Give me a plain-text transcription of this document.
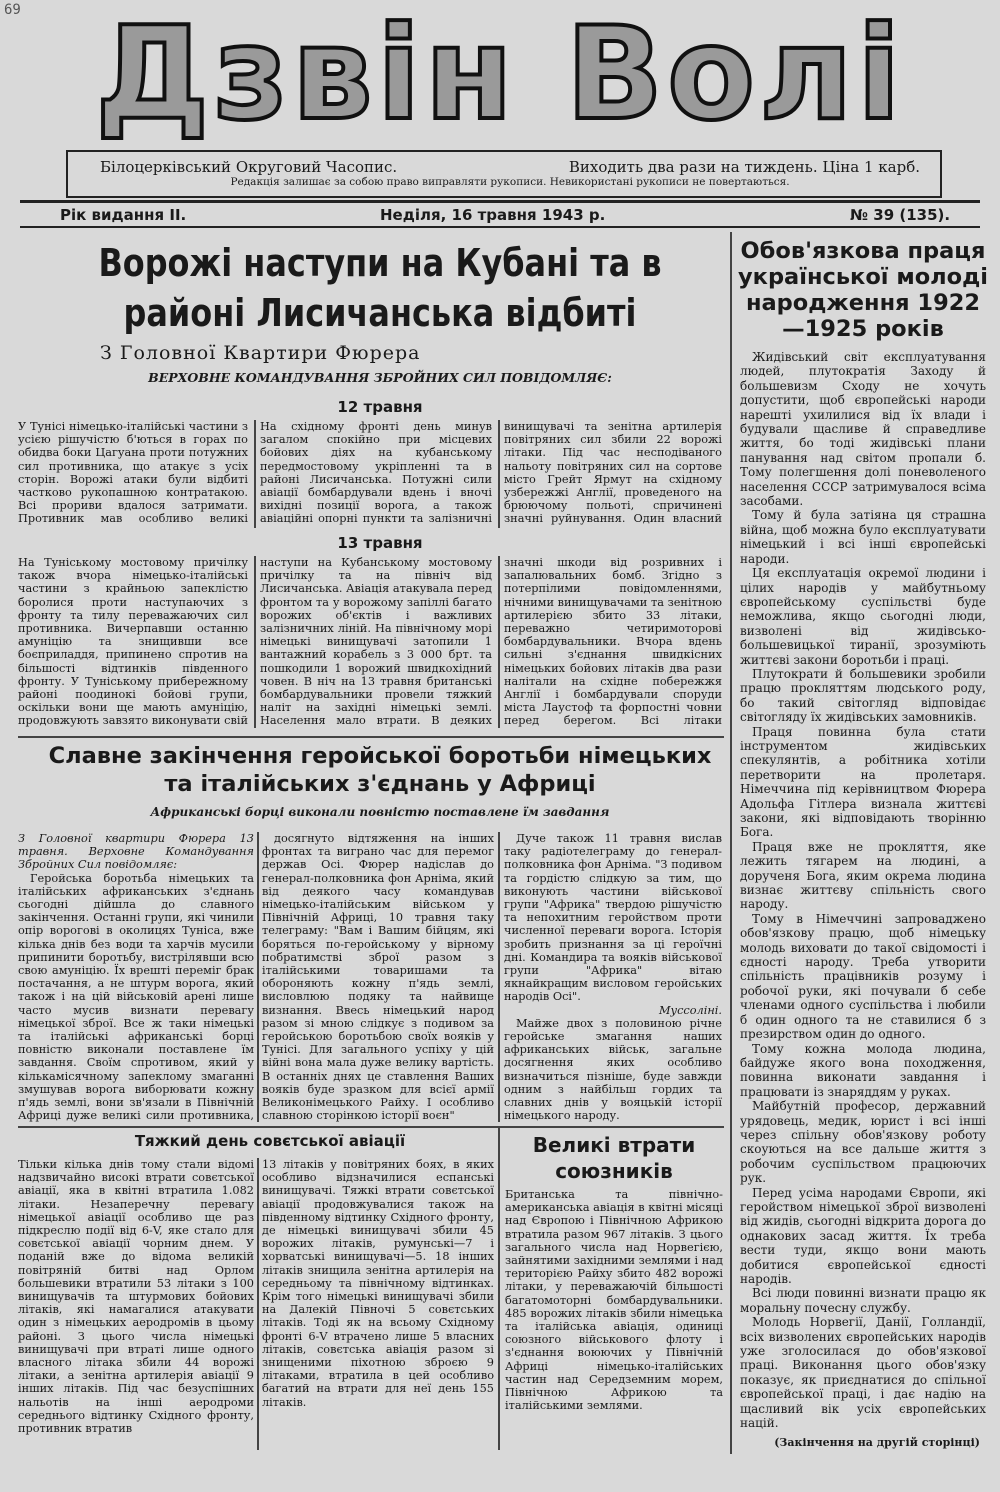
69 Дзвін Волі
Білоцерківський Округовий Часопис.	Виходить два рази на тиждень. Ціна 1 карб.
Редакція залишає за собою право виправляти рукописи. Невикористані рукописи не повертаються.
Рік видання II.	Неділя, 16 травня 1943 р.	№ 39 (135).
Ворожі наступи на Кубані та в районі Лисичанська відбиті
З Головної Квартири Фюрера
ВЕРХОВНЕ КОМАНДУВАННЯ ЗБРОЙНИХ СИЛ ПОВІДОМЛЯЄ:
12 травня
У Тунісі німецько-італійські частини з усією рішучістю б'ються в горах по обидва боки Цагуана проти потужних сил противника, що атакує з усіх сторін. Ворожі атаки були відбиті частково рукопашною контратакою. Всі прориви вдалося затримати. Противник мав особливо великі
На східному фронті день минув загалом спокійно при місцевих бойових діях на кубанському передмостовому укріпленні та в районі Лисичанська. Потужні сили авіації бомбардували вдень і вночі вихідні позиції ворога, а також авіаційні опорні пункти та залізничні
винищувачі та зенітна артилерія повітряних сил збили 22 ворожі літаки. Під час несподіваного нальоту повітряних сил на сортове місто Грейт Ярмут на східному узбережжі Англії, проведеного на брюючому польоті, спричинені значні руйнування. Один власний
13 травня
На Туніському мостовому причілку також вчора німецько-італійські частини з крайньою запеклістю боролися проти наступаючих з фронту та тилу переважаючих сил противника. Вичерпавши останню амуніцію та знищивши все боєприладдя, припинено спротив на більшості відтинків південного фронту. У Туніському прибережному районі поодинокі бойові групи, оскільки вони ще мають амуніцію, продовжують завзято виконувати свій
наступи на Кубанському мостовому причілку та на північ від Лисичанська. Авіація атакувала перед фронтом та у ворожому запіллі багато ворожих об'єктів і важливих залізничних ліній. На північному морі німецькі винищувачі затопили 1 вантажний корабель з 3 000 брт. та пошкодили 1 ворожий швидкохідний човен. В ніч на 13 травня британські бомбардувальники провели тяжкий наліт на західні німецькі землі. Населення мало втрати. В деяких
значні шкоди від розривних і запалювальних бомб. Згідно з потерпілими повідомленнями, нічними винищувачами та зенітною артилерією збито 33 літаки, переважно четиримоторові бомбардувальники. Вчора вдень сильні з'єднання швидкісних німецьких бойових літаків два рази налітали на східне побережжя Англії і бомбардували споруди міста Лаустоф та форпостні човни перед берегом. Всі літаки
Обов'язкова праця української молоді народження 1922—1925 років

Жидівський світ експлуатування людей, плутократія Заходу й большевизм Сходу не хочуть допустити, щоб європейські народи нарешті ухилилися від їх влади і будували щасливе й справедливе життя, бо тоді жидівські плани панування над світом пропали б. Тому полегшення долі поневоленого населення СССР затримувалося всіма засобами.

Тому й була затіяна ця страшна війна, щоб можна було експлуатувати німецький і всі інші європейські народи.

Ця експлуатація окремої людини і цілих народів у майбутньому європейському суспільстві буде неможлива, якщо сьогодні люди, визволені від жидівсько-большевицької тиранії, зрозуміють життєві закони боротьби і праці.

Плутократи й большевики зробили працю прокляттям людського роду, бо такий світогляд відповідає світогляду їх жидівських замовників.

Праця повинна була стати інструментом жидівських спекулянтів, а робітника хотіли перетворити на пролетаря. Німеччина під керівництвом Фюрера Адольфа Гітлера визнала життєві закони, які відповідають творінню Бога.

Праця вже не прокляття, яке лежить тягарем на людині, а дорученя Бога, яким окрема людина визнає життєву спільність свого народу.

Тому в Німеччині запроваджено обов'язкову працю, щоб німецьку молодь виховати до такої свідомості і єдності народу. Треба утворити спільність працівників розуму і робочої руки, які почували б себе членами одного суспільства і любили б один одного та не ставилися б з презирством один до одного.

Тому кожна молода людина, байдуже якого вона походження, повинна виконати завдання і працювати із знаряддям у руках.

Майбутній професор, державний урядовець, медик, юрист і всі інші через спільну обов'язкову роботу скоуються на все дальше життя з робочим суспільством працюючих рук.

Перед усіма народами Європи, які геройством німецької зброї визволені від жидів, сьогодні відкрита дорога до однакових засад життя. Їх треба вести туди, якщо вони мають добитися європейської єдності народів.

Всі люди повинні визнати працю як моральну почесну службу.

Молодь Норвегії, Данії, Голландії, всіх визволених європейських народів уже зголосилася до обов'язкової праці. Виконання цього обов'язку показує, як приєднатися до спільної європейської праці, і дає надію на щасливий вік усіх європейських націй.

(Закінчення на другій сторінці)
Славне закінчення геройської боротьби німецьких та італійських з'єднань у Африці
Африканські борці виконали повністю поставлене їм завдання

З Головної квартири Фюрера 13 травня. Верховне Командування Збройних Сил повідомляє:

Геройська боротьба німецьких та італійських африканських з'єднань сьогодні дійшла до славного закінчення. Останні групи, які чинили опір ворогові в околицях Туніса, вже кілька днів без води та харчів мусили припинити боротьбу, вистрілявши всю свою амуніцію. Їх врешті переміг брак постачання, а не штурм ворога, який також і на цій військовій арені лише часто мусив визнати перевагу німецької зброї. Все ж таки німецькі та італійські африканські борці повністю виконали поставлене їм завдання. Своїм спротивом, який у кількамісячному запеклому змаганні змушував ворога виборювати кожну п'ядь землі, вони зв'язали в Північній Африці дуже великі сили противника,

досягнуто відтяження на інших фронтах та виграно час для перемог держав Осі. Фюрер надіслав до генерал-полковника фон Арніма, який від деякого часу командував німецько-італійським військом у Північній Африці, 10 травня таку телеграму: "Вам і Вашим бійцям, які боряться по-геройському у вірному побратимстві зброї разом з італійськими товаришами та обороняють кожну п'ядь землі, висловлюю подяку та найвище визнання. Ввесь німецький народ разом зі мною слідкує з подивом за геройською боротьбою своїх вояків у Тунісі. Для загального успіху у цій війні вона мала дуже велику вартість. В останніх днях це ставлення Ваших вояків буде зразком для всієї армії Великонімецького Райху. І особливо славною сторінкою історії воєн"

Дуче також 11 травня вислав таку радіотелеграму до генерал-полковника фон Арніма. "З подивом та гордістю слідкую за тим, що виконують частини військової групи "Африка" твердою рішучістю та непохитним геройством проти численної переваги ворога. Історія зробить признання за ці героїчні дні. Командира та вояків військової групи "Африка" вітаю якнайкращим висловом геройських народів Осі".

Муссоліні.

Майже двох з половиною річне геройське змагання наших африканських військ, загальне досягнення яких особливо визначиться пізніше, буде завжди одним з найбільш гордих та славних днів у вояцькій історії німецького народу.

Тяжкий день совєтської авіації
Тільки кілька днів тому стали відомі надзвичайно високі втрати совєтської авіації, яка в квітні втратила 1.082 літаки. Незаперечну перевагу німецької авіації особливо ще раз підкреслю події від 6-V, яке стало для совєтської авіації чорним днем. У поданій вже до відома великій повітряній битві над Орлом большевики втратили 53 літаки з 100 винищувачів та штурмових бойових літаків, які намагалися атакувати один з німецьких аеродромів в цьому районі. З цього числа німецькі винищувачі при втраті лише одного власного літака збили 44 ворожі літаки, а зенітна артилерія авіації 9 інших літаків. Під час безуспішних нальотів на інші аеродроми середнього відтинку Східного фронту, противник втратив
13 літаків у повітряних боях, в яких особливо відзначилися еспанські винищувачі. Тяжкі втрати совєтської авіації продовжувалися також на південному відтинку Східного фронту, де німецькі винищувачі збили 45 ворожих літаків, румунські—7 і хорватські винищувачі—5. 18 інших літаків знищила зенітна артилерія на середньому та північному відтинках. Крім того німецькі винищувачі збили на Далекій Півночі 5 совєтських літаків. Тоді як на всьому Східному фронті 6-V втрачено лише 5 власних літаків, совєтська авіація разом зі знищеними піхотною зброєю 9 літаками, втратила в цей особливо багатий на втрати для неї день 155 літаків.
Великі втрати союзників
Британська та північно-американська авіація в квітні місяці над Європою і Північною Африкою втратила разом 967 літаків. З цього загального числа над Норвегією, зайнятими західними землями і над територією Райху збито 482 ворожі літаки, у переважаючій більшості багатомоторні бомбардувальники. 485 ворожих літаків збили німецька та італійська авіація, одиниці союзного військового флоту і з'єднання воюючих у Північній Африці німецько-італійських частин над Середземним морем, Північною Африкою та італійськими землями.
